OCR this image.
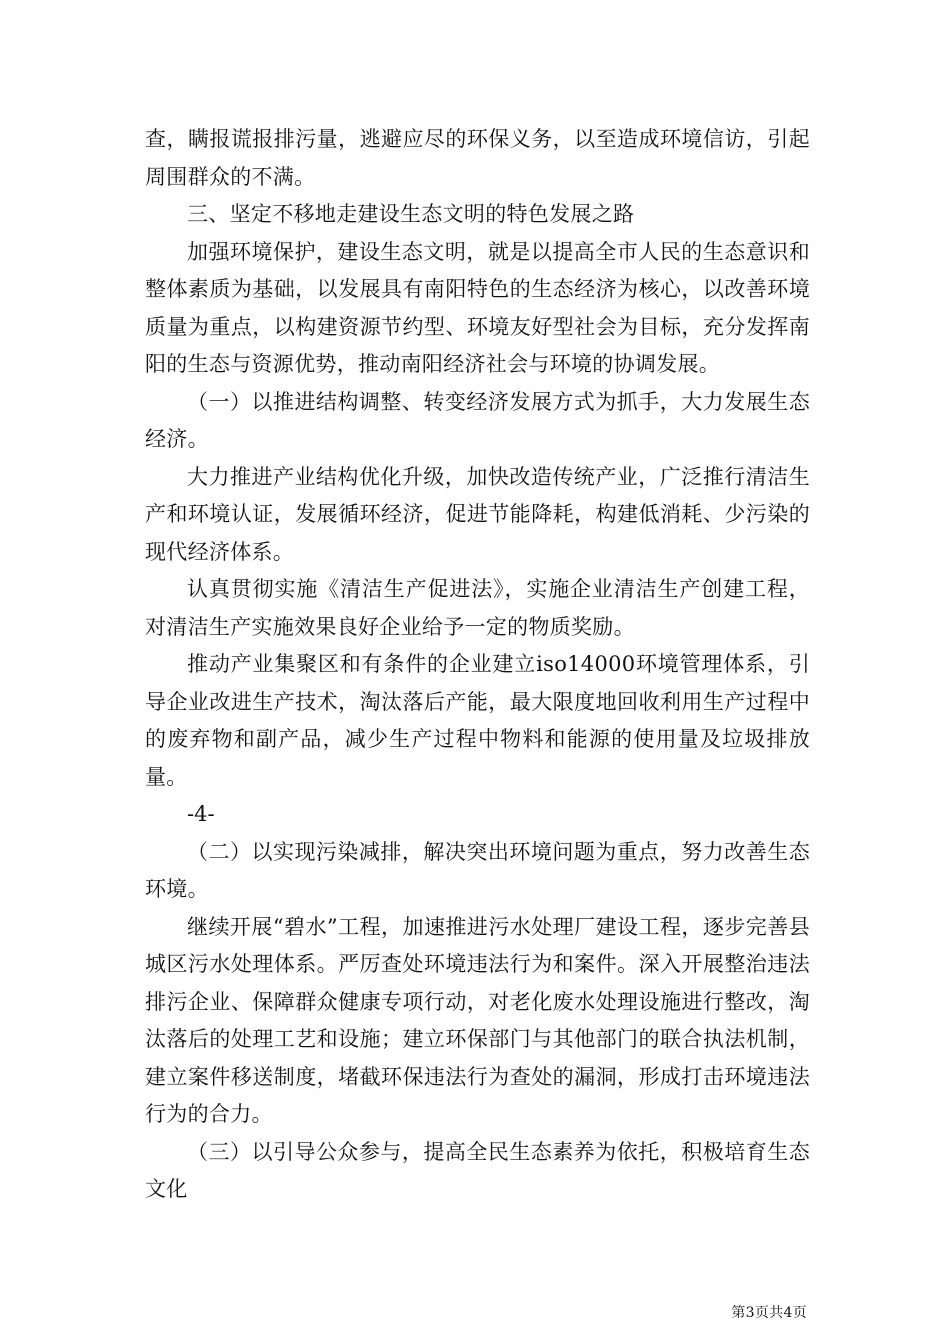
查，瞒报谎报排污量，逃避应尽的环保义务，以至造成环境信访，引起周围群众的不满。

三、坚定不移地走建设生态文明的特色发展之路

加强环境保护，建设生态文明，就是以提高全市人民的生态意识和整体素质为基础，以发展具有南阳特色的生态经济为核心，以改善环境质量为重点，以构建资源节约型、环境友好型社会为目标，充分发挥南阳的生态与资源优势，推动南阳经济社会与环境的协调发展。

（一）以推进结构调整、转变经济发展方式为抓手，大力发展生态经济。

大力推进产业结构优化升级，加快改造传统产业，广泛推行清洁生产和环境认证，发展循环经济，促进节能降耗，构建低消耗、少污染的现代经济体系。

认真贯彻实施《清洁生产促进法》，实施企业清洁生产创建工程，对清洁生产实施效果良好企业给予一定的物质奖励。

推动产业集聚区和有条件的企业建立iso14000环境管理体系，引导企业改进生产技术，淘汰落后产能，最大限度地回收利用生产过程中的废弃物和副产品，减少生产过程中物料和能源的使用量及垃圾排放量。

-4-

（二）以实现污染减排，解决突出环境问题为重点，努力改善生态环境。

继续开展“碧水”工程，加速推进污水处理厂建设工程，逐步完善县城区污水处理体系。严厉查处环境违法行为和案件。深入开展整治违法排污企业、保障群众健康专项行动，对老化废水处理设施进行整改，淘汰落后的处理工艺和设施；建立环保部门与其他部门的联合执法机制，建立案件移送制度，堵截环保违法行为查处的漏洞，形成打击环境违法行为的合力。

（三）以引导公众参与，提高全民生态素养为依托，积极培育生态文化

第3页共4页
